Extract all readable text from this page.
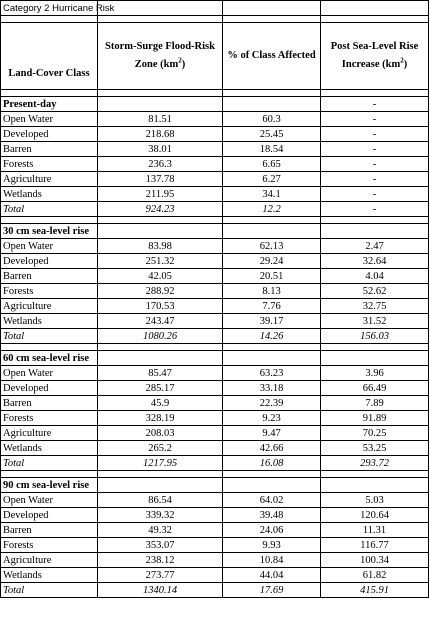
Category 2 Hurricane Risk			

Land-Cover Class	Storm-Surge Flood-Risk Zone $(km^2)$	% of Class Affected	Post Sea-Level Rise Increase $(km^2)$

Present-day			-
Open Water	81.51	60.3	-
Developed	218.68	25.45	-
Barren	38.01	18.54	-
Forests	236.3	6.65	-
Agriculture	137.78	6.27	-
Wetlands	211.95	34.1	-
Total	924.23	12.2	-

30 cm sea-level rise			
Open Water	83.98	62.13	2.47
Developed	251.32	29.24	32.64
Barren	42.05	20.51	4.04
Forests	288.92	8.13	52.62
Agriculture	170.53	7.76	32.75
Wetlands	243.47	39.17	31.52
Total	1080.26	14.26	156.03

60 cm sea-level rise			
Open Water	85.47	63.23	3.96
Developed	285.17	33.18	66.49
Barren	45.9	22.39	7.89
Forests	328.19	9.23	91.89
Agriculture	208.03	9.47	70.25
Wetlands	265.2	42.66	53.25
Total	1217.95	16.08	293.72

90 cm sea-level rise			
Open Water	86.54	64.02	5.03
Developed	339.32	39.48	120.64
Barren	49.32	24.06	11.31
Forests	353.07	9.93	116.77
Agriculture	238.12	10.84	100.34
Wetlands	273.77	44.04	61.82
Total	1340.14	17.69	415.91
